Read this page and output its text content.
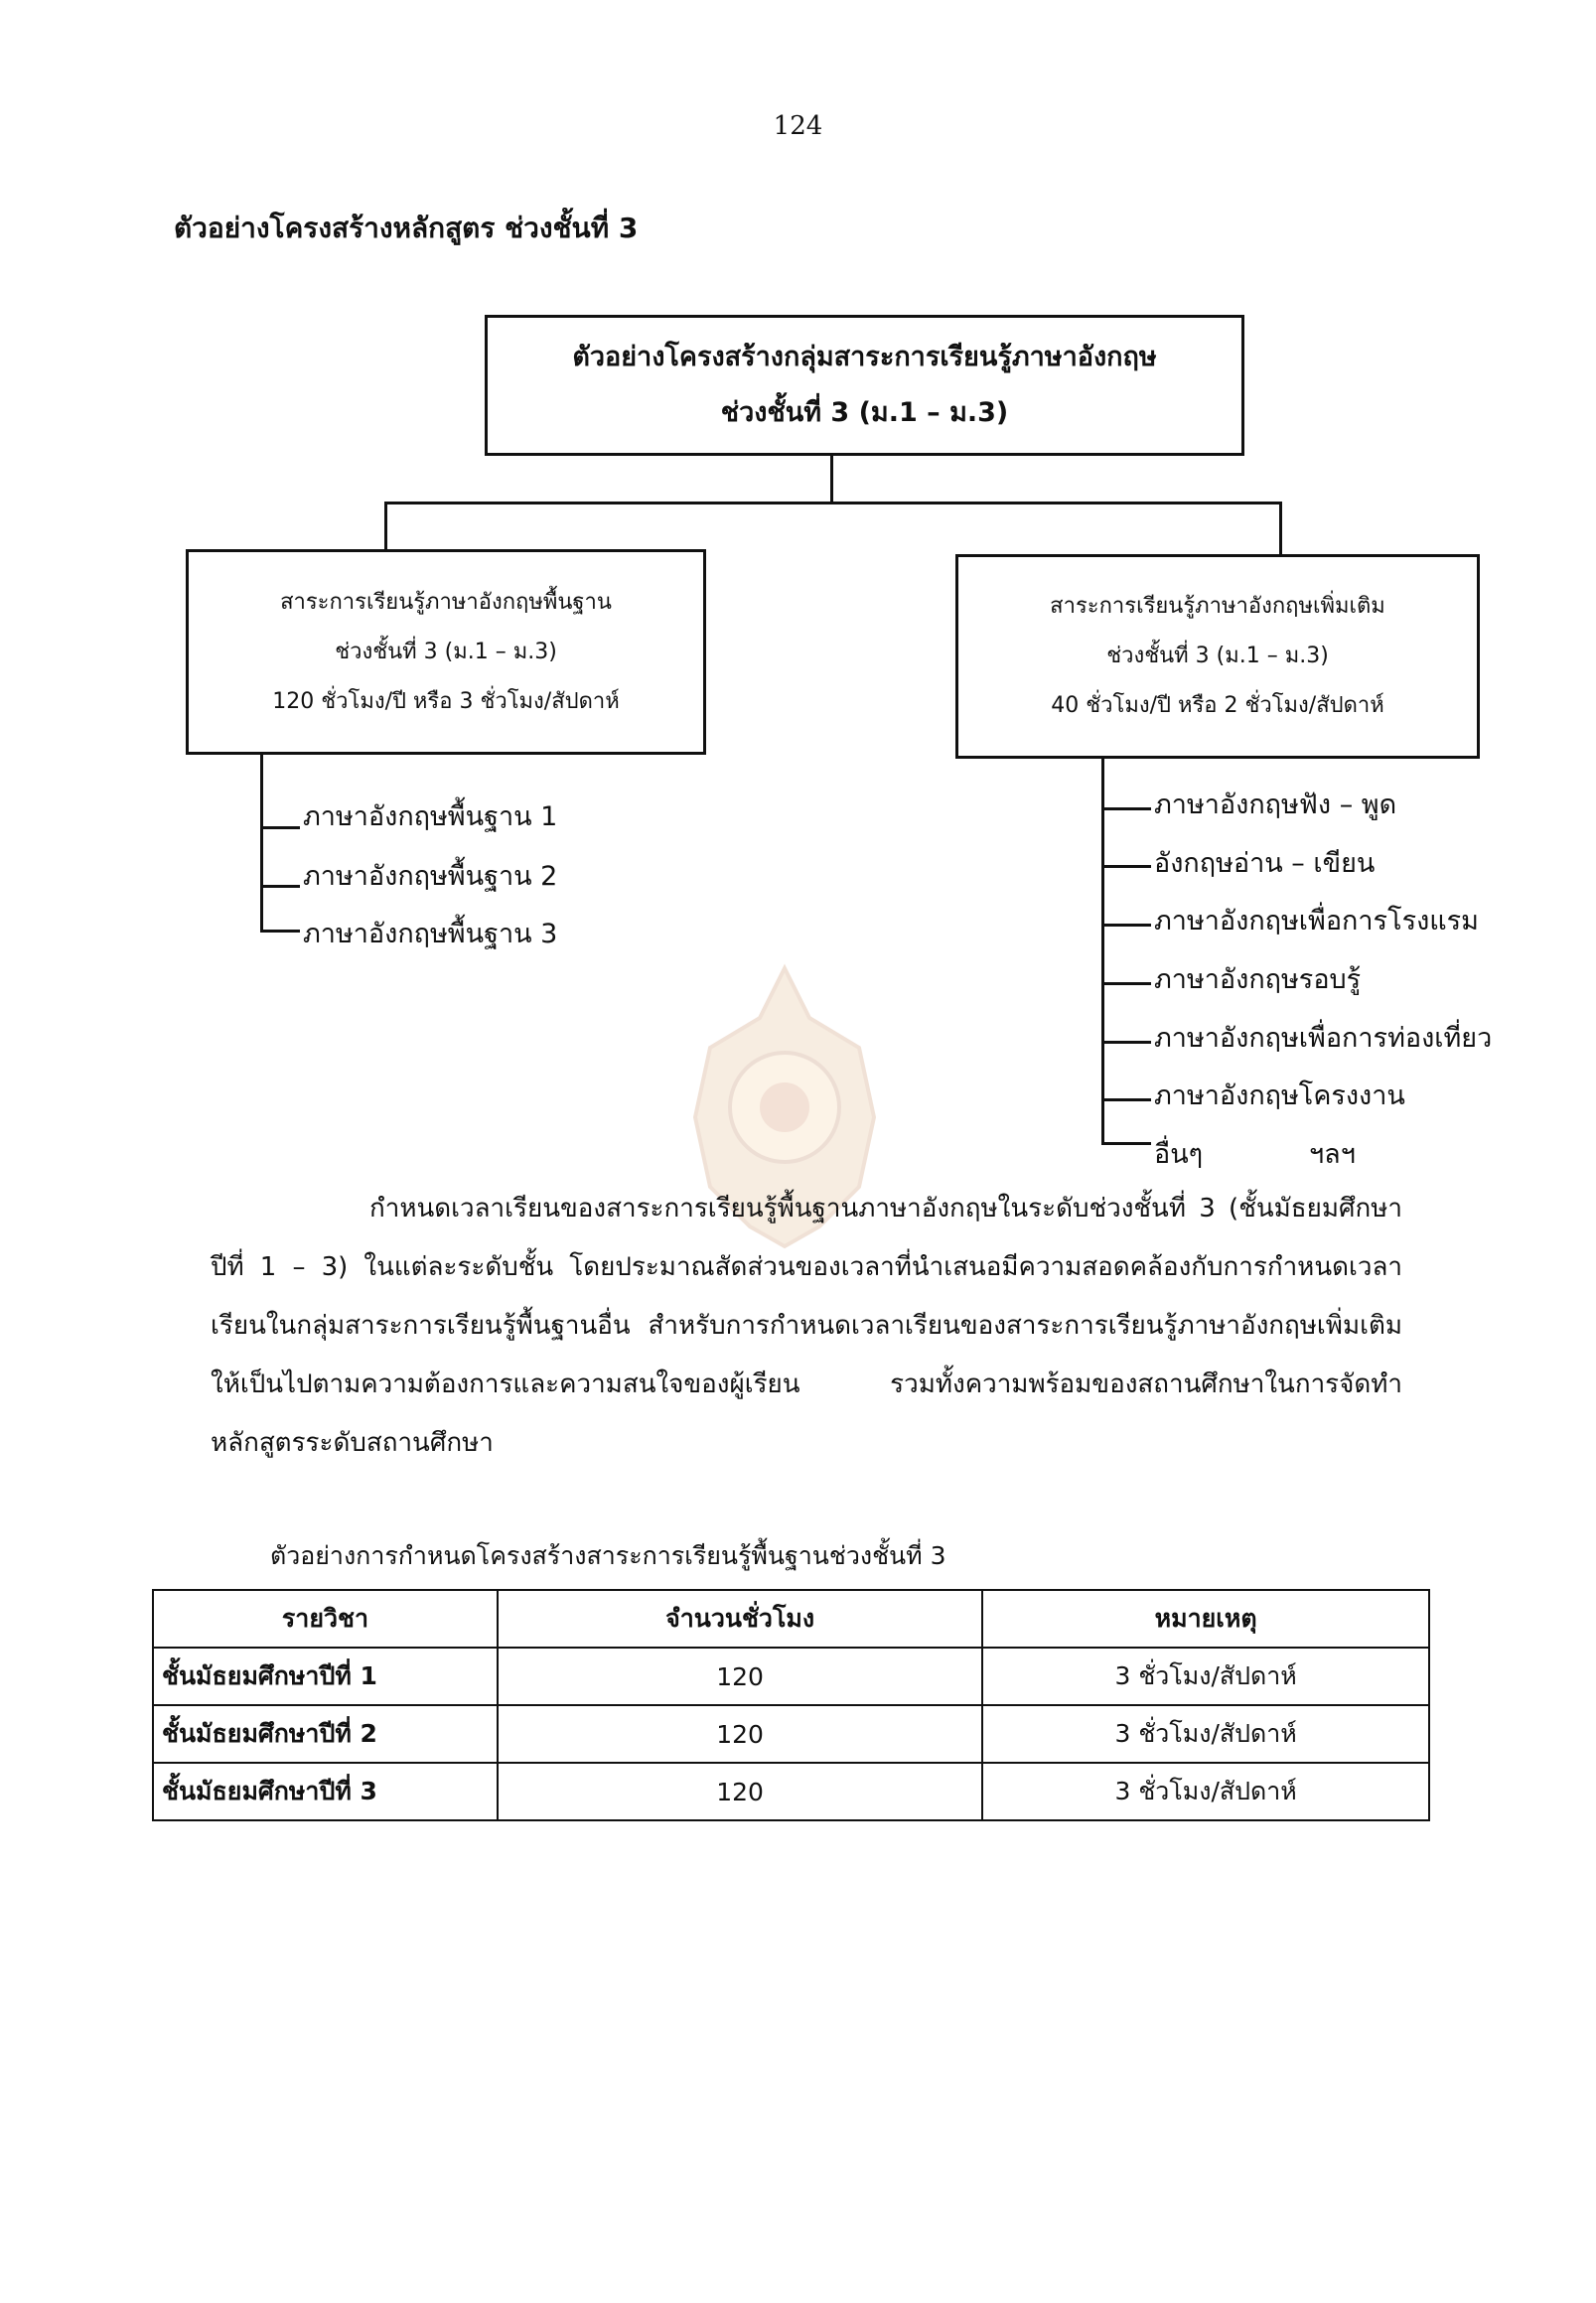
124
ตัวอย่างโครงสร้างหลักสูตร ช่วงชั้นที่ 3
ตัวอย่างโครงสร้างกลุ่มสาระการเรียนรู้ภาษาอังกฤษ
ช่วงชั้นที่ 3 (ม.1 – ม.3)
สาระการเรียนรู้ภาษาอังกฤษพื้นฐาน
ช่วงชั้นที่ 3 (ม.1 – ม.3)
120 ชั่วโมง/ปี หรือ 3 ชั่วโมง/สัปดาห์
สาระการเรียนรู้ภาษาอังกฤษเพิ่มเติม
ช่วงชั้นที่ 3 (ม.1 – ม.3)
40 ชั่วโมง/ปี หรือ 2 ชั่วโมง/สัปดาห์
ภาษาอังกฤษพื้นฐาน 1
ภาษาอังกฤษพื้นฐาน 2
ภาษาอังกฤษพื้นฐาน 3
ภาษาอังกฤษฟัง – พูด
อังกฤษอ่าน – เขียน
ภาษาอังกฤษเพื่อการโรงแรม
ภาษาอังกฤษรอบรู้
ภาษาอังกฤษเพื่อการท่องเที่ยว
ภาษาอังกฤษโครงงาน
อื่นๆ	ฯลฯ
กำหนดเวลาเรียนของสาระการเรียนรู้พื้นฐานภาษาอังกฤษในระดับช่วงชั้นที่ 3 (ชั้นมัธยมศึกษาปีที่ 1 – 3) ในแต่ละระดับชั้น โดยประมาณสัดส่วนของเวลาที่นำเสนอมีความสอดคล้องกับการกำหนดเวลาเรียนในกลุ่มสาระการเรียนรู้พื้นฐานอื่น สำหรับการกำหนดเวลาเรียนของสาระการเรียนรู้ภาษาอังกฤษเพิ่มเติมให้เป็นไปตามความต้องการและความสนใจของผู้เรียน รวมทั้งความพร้อมของสถานศึกษาในการจัดทำหลักสูตรระดับสถานศึกษา
ตัวอย่างการกำหนดโครงสร้างสาระการเรียนรู้พื้นฐานช่วงชั้นที่ 3
รายวิชา	จำนวนชั่วโมง	หมายเหตุ
ชั้นมัธยมศึกษาปีที่ 1	120	3 ชั่วโมง/สัปดาห์
ชั้นมัธยมศึกษาปีที่ 2	120	3 ชั่วโมง/สัปดาห์
ชั้นมัธยมศึกษาปีที่ 3	120	3 ชั่วโมง/สัปดาห์
